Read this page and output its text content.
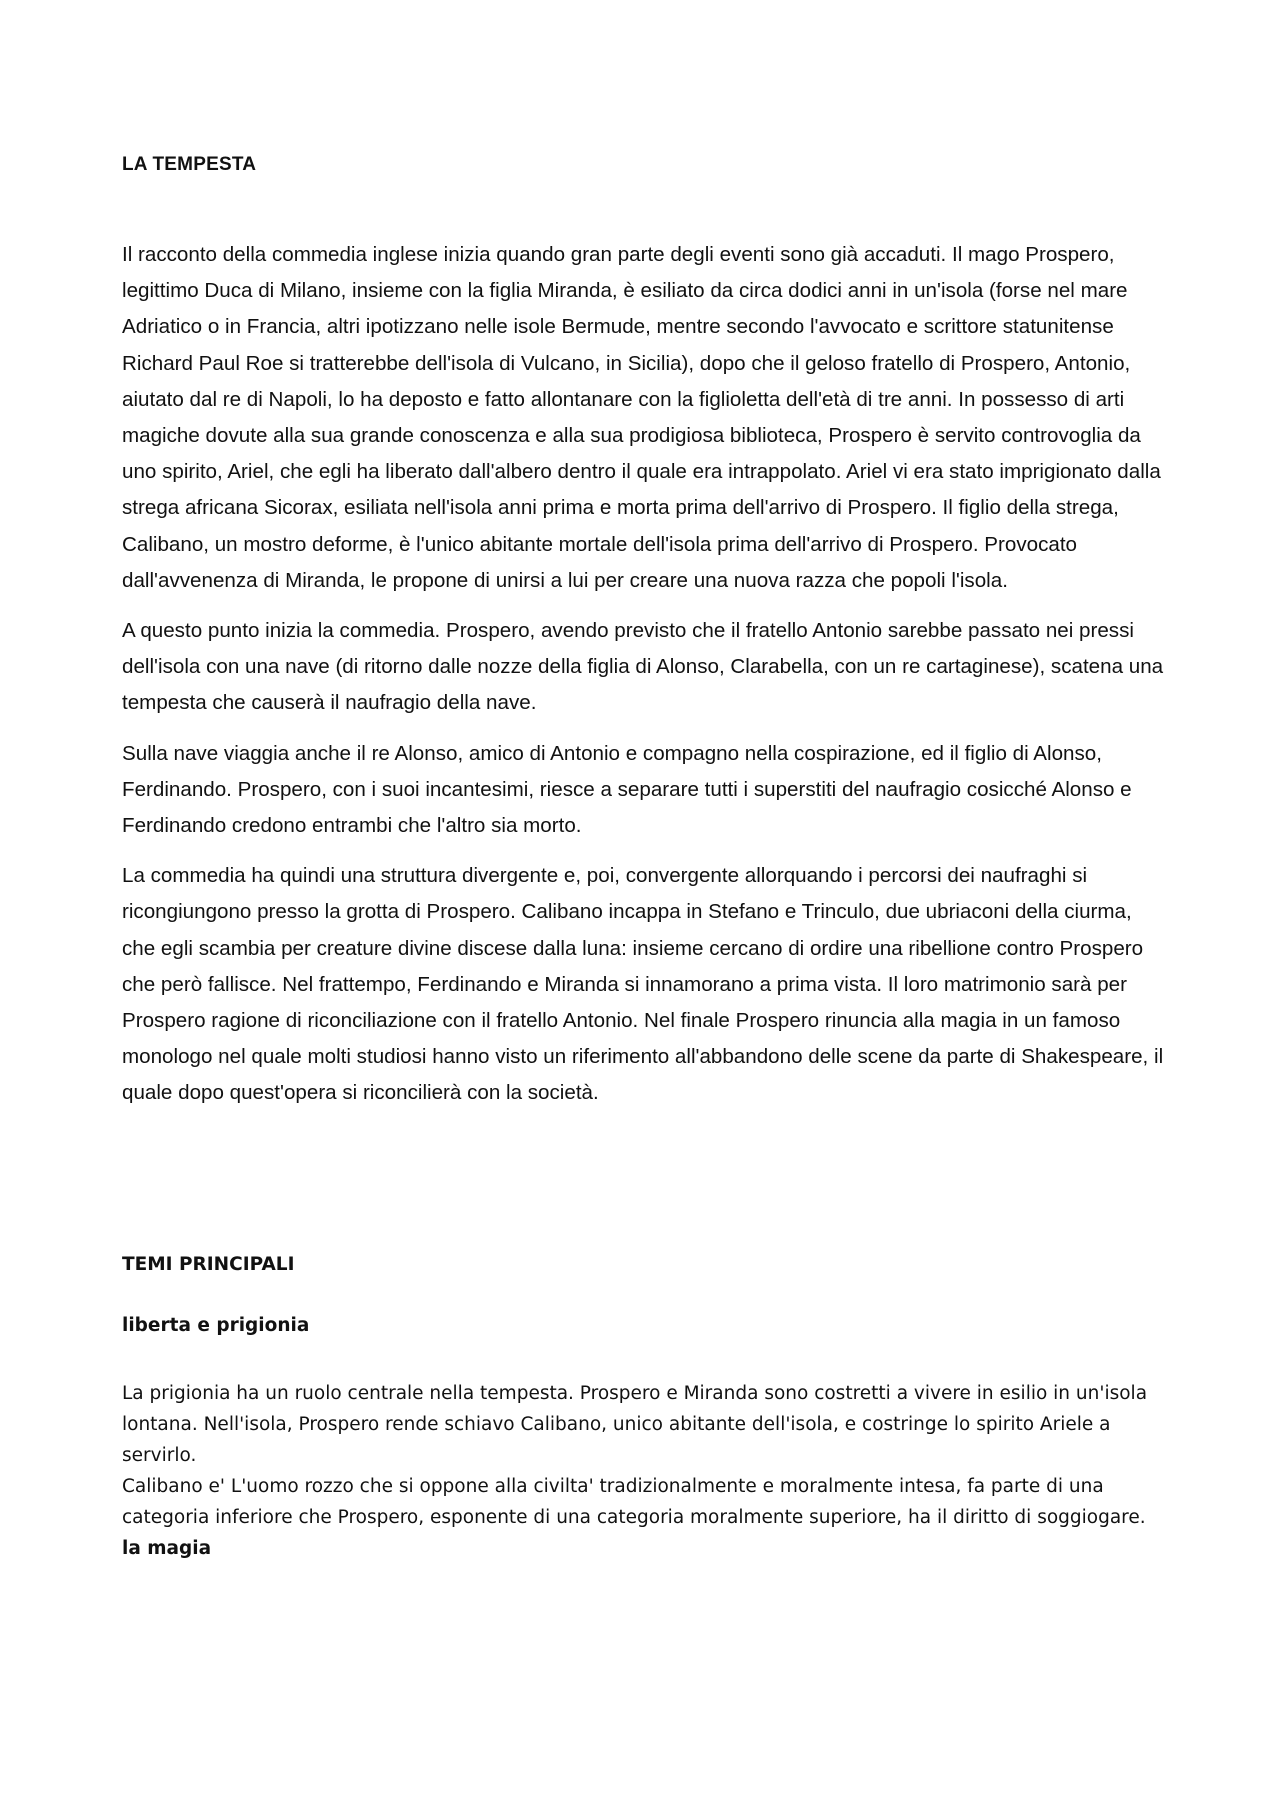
LA TEMPESTA

Il racconto della commedia inglese inizia quando gran parte degli eventi sono già accaduti. Il mago Prospero, legittimo Duca di Milano, insieme con la figlia Miranda, è esiliato da circa dodici anni in un'isola (forse nel mare Adriatico o in Francia, altri ipotizzano nelle isole Bermude, mentre secondo l'avvocato e scrittore statunitense Richard Paul Roe si tratterebbe dell'isola di Vulcano, in Sicilia), dopo che il geloso fratello di Prospero, Antonio, aiutato dal re di Napoli, lo ha deposto e fatto allontanare con la figlioletta dell'età di tre anni. In possesso di arti magiche dovute alla sua grande conoscenza e alla sua prodigiosa biblioteca, Prospero è servito controvoglia da uno spirito, Ariel, che egli ha liberato dall'albero dentro il quale era intrappolato. Ariel vi era stato imprigionato dalla strega africana Sicorax, esiliata nell'isola anni prima e morta prima dell'arrivo di Prospero. Il figlio della strega, Calibano, un mostro deforme, è l'unico abitante mortale dell'isola prima dell'arrivo di Prospero. Provocato dall'avvenenza di Miranda, le propone di unirsi a lui per creare una nuova razza che popoli l'isola.

A questo punto inizia la commedia. Prospero, avendo previsto che il fratello Antonio sarebbe passato nei pressi dell'isola con una nave (di ritorno dalle nozze della figlia di Alonso, Clarabella, con un re cartaginese), scatena una tempesta che causerà il naufragio della nave.

Sulla nave viaggia anche il re Alonso, amico di Antonio e compagno nella cospirazione, ed il figlio di Alonso, Ferdinando. Prospero, con i suoi incantesimi, riesce a separare tutti i superstiti del naufragio cosicché Alonso e Ferdinando credono entrambi che l'altro sia morto.

La commedia ha quindi una struttura divergente e, poi, convergente allorquando i percorsi dei naufraghi si ricongiungono presso la grotta di Prospero. Calibano incappa in Stefano e Trinculo, due ubriaconi della ciurma, che egli scambia per creature divine discese dalla luna: insieme cercano di ordire una ribellione contro Prospero che però fallisce. Nel frattempo, Ferdinando e Miranda si innamorano a prima vista. Il loro matrimonio sarà per Prospero ragione di riconciliazione con il fratello Antonio. Nel finale Prospero rinuncia alla magia in un famoso monologo nel quale molti studiosi hanno visto un riferimento all'abbandono delle scene da parte di Shakespeare, il quale dopo quest'opera si riconcilierà con la società.

TEMI PRINCIPALI
liberta e prigionia

La prigionia ha un ruolo centrale nella tempesta. Prospero e Miranda sono costretti a vivere in esilio in un'isola lontana. Nell'isola, Prospero rende schiavo Calibano, unico abitante dell'isola, e costringe lo spirito Ariele a servirlo.

Calibano e' L'uomo rozzo che si oppone alla civilta' tradizionalmente e moralmente intesa, fa parte di una categoria inferiore che Prospero, esponente di una categoria moralmente superiore, ha il diritto di soggiogare.

la magia
